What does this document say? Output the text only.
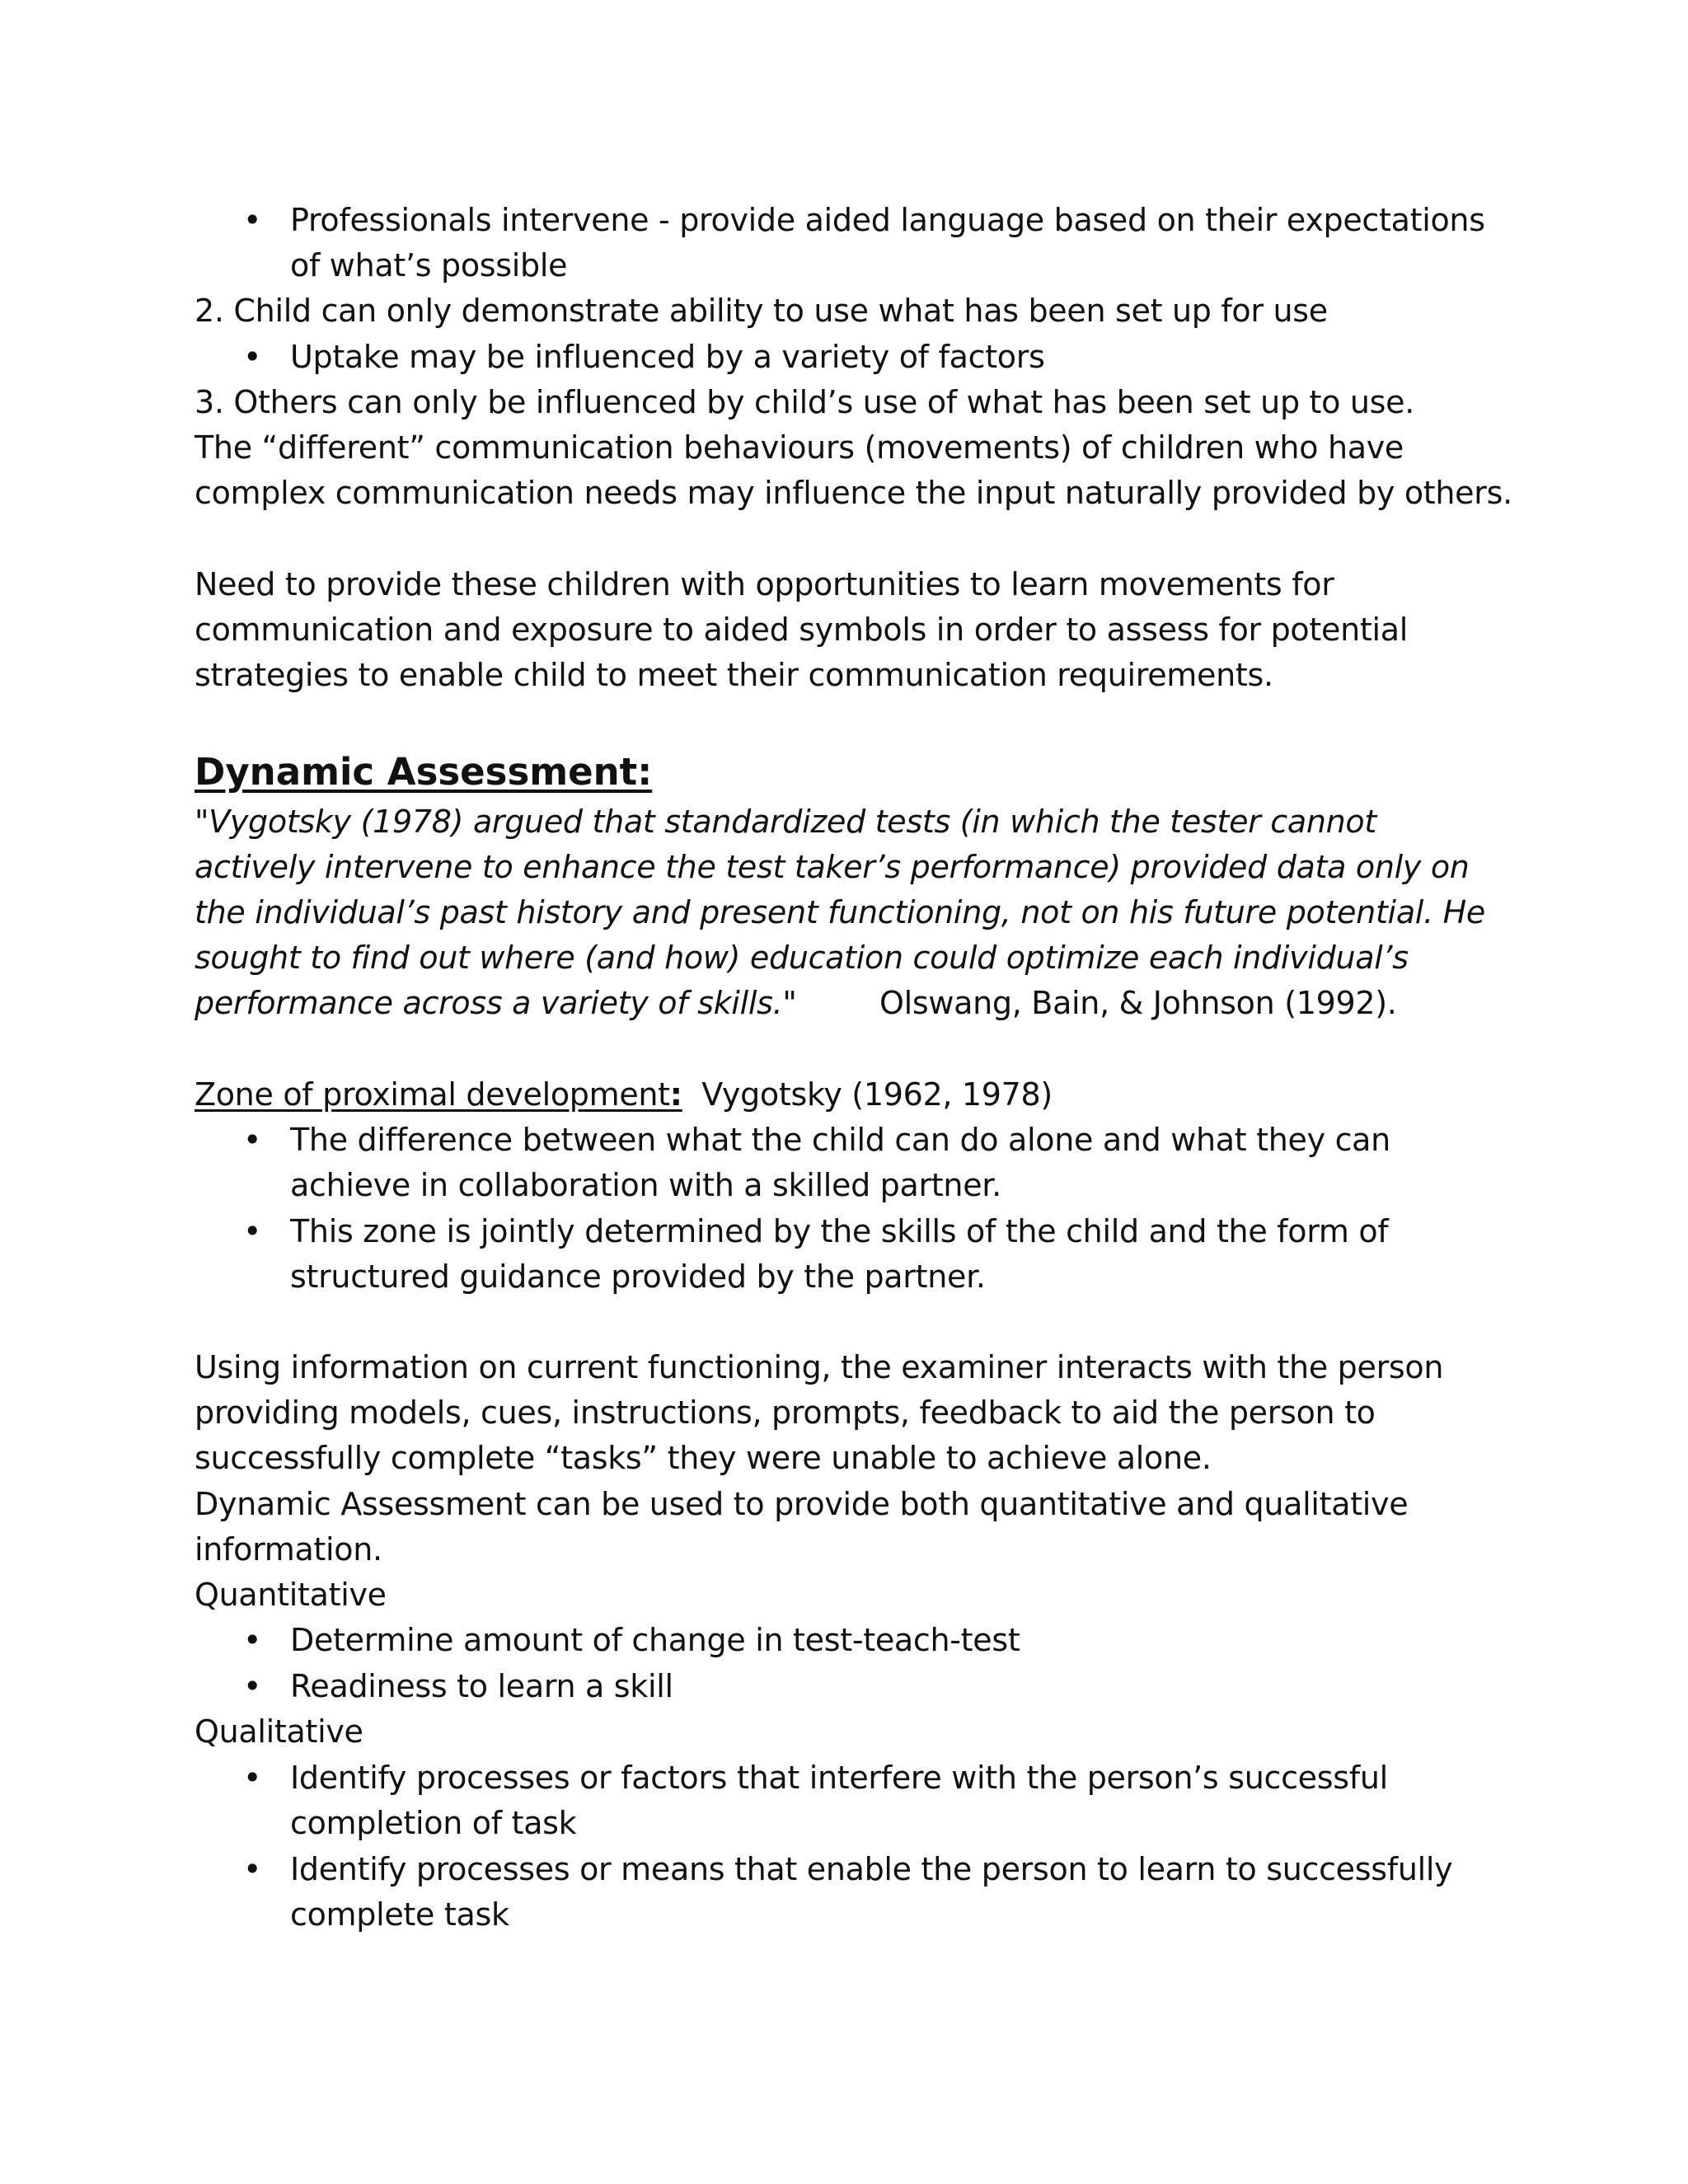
• Professionals intervene - provide aided language based on their expectations
of what’s possible
2. Child can only demonstrate ability to use what has been set up for use
• Uptake may be influenced by a variety of factors
3. Others can only be influenced by child’s use of what has been set up to use.
The “different” communication behaviours (movements) of children who have
complex communication needs may influence the input naturally provided by others.
Need to provide these children with opportunities to learn movements for
communication and exposure to aided symbols in order to assess for potential
strategies to enable child to meet their communication requirements.
Dynamic Assessment:
"Vygotsky (1978) argued that standardized tests (in which the tester cannot
actively intervene to enhance the test taker’s performance) provided data only on
the individual’s past history and present functioning, not on his future potential. He
sought to find out where (and how) education could optimize each individual’s
performance across a variety of skills."	Olswang, Bain, & Johnson (1992).
Zone of proximal development: Vygotsky (1962, 1978)
• The difference between what the child can do alone and what they can
achieve in collaboration with a skilled partner.
• This zone is jointly determined by the skills of the child and the form of
structured guidance provided by the partner.
Using information on current functioning, the examiner interacts with the person
providing models, cues, instructions, prompts, feedback to aid the person to
successfully complete “tasks” they were unable to achieve alone.
Dynamic Assessment can be used to provide both quantitative and qualitative
information.
Quantitative
• Determine amount of change in test-teach-test
• Readiness to learn a skill
Qualitative
• Identify processes or factors that interfere with the person’s successful
completion of task
• Identify processes or means that enable the person to learn to successfully
complete task
